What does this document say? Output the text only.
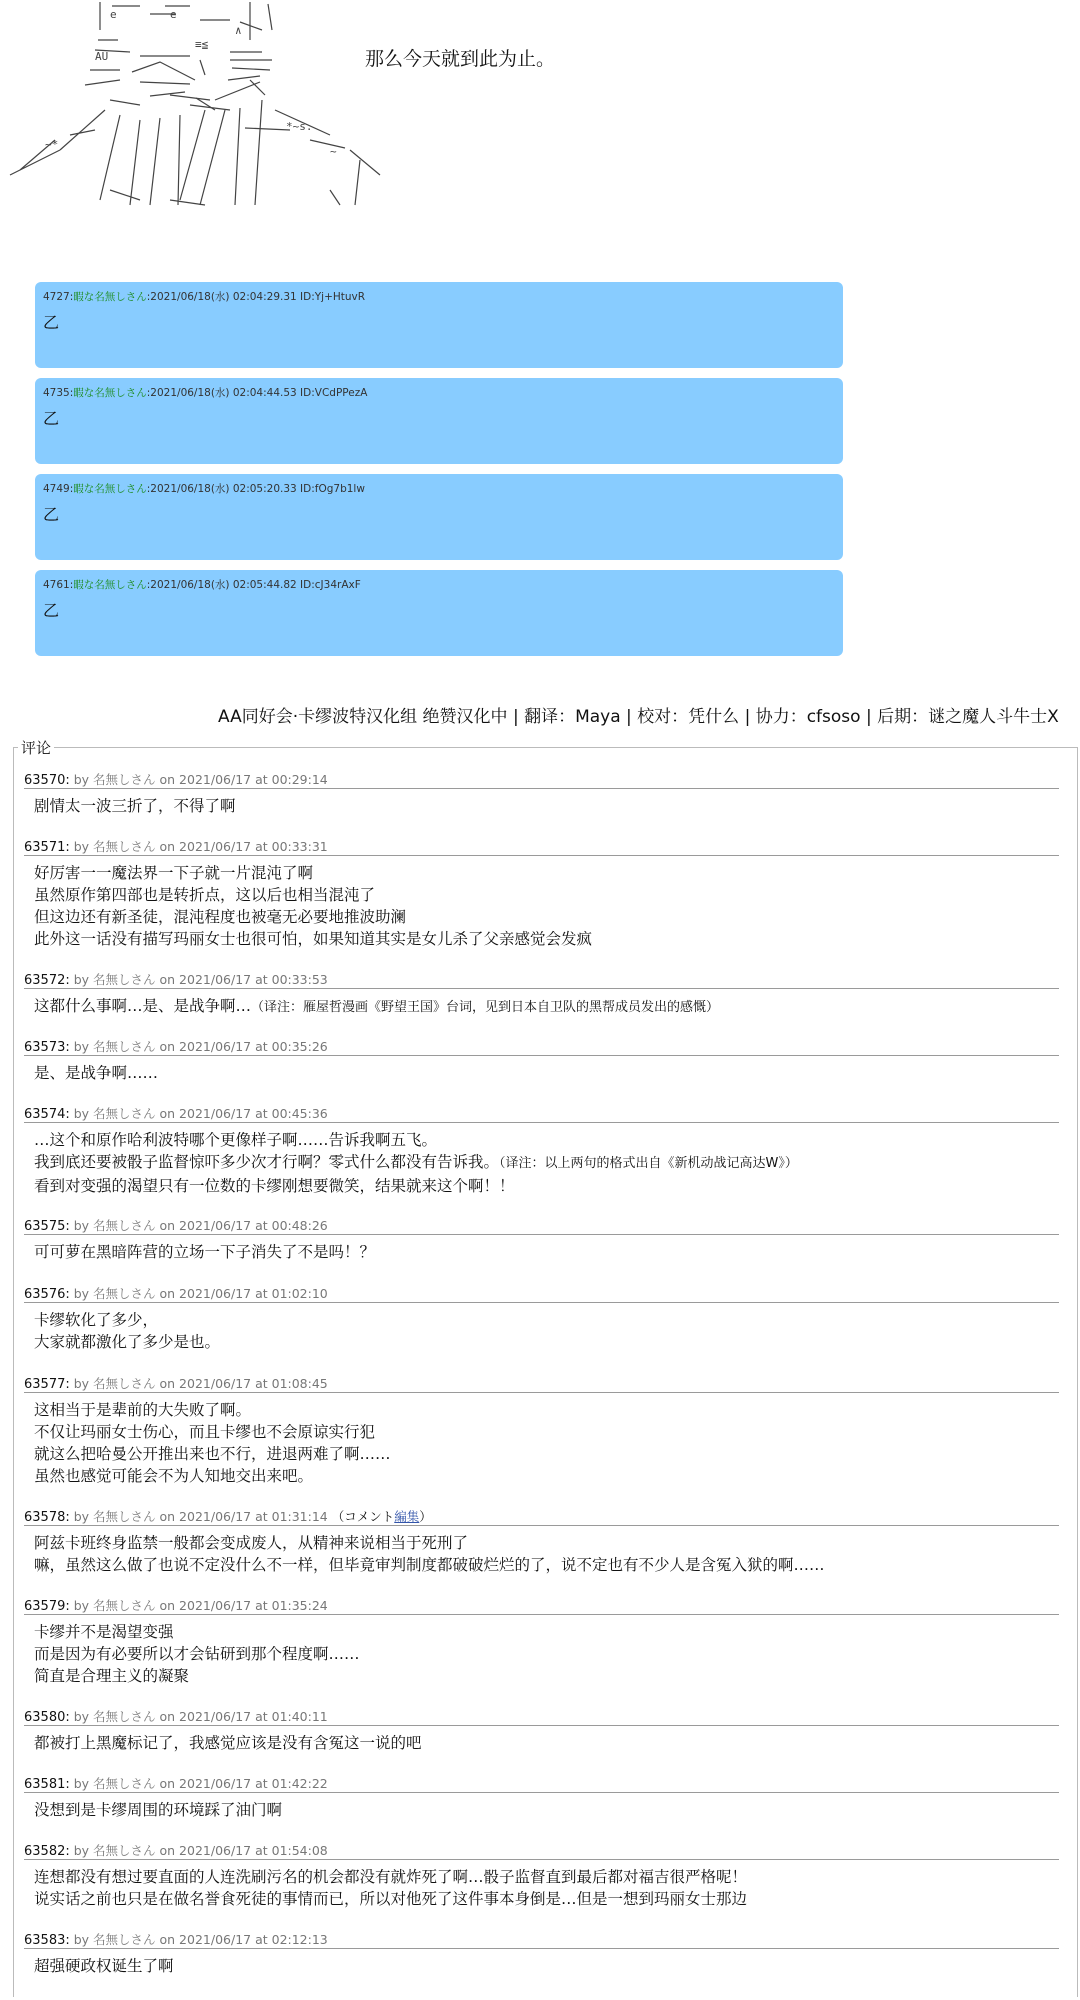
e	e
∧
AU
≡≦
*~s.
~*
~
那么今天就到此为止。
4727:暇な名無しさん:2021/06/18(水) 02:04:29.31 ID:Yj+HtuvR
乙
4735:暇な名無しさん:2021/06/18(水) 02:04:44.53 ID:VCdPPezA
乙
4749:暇な名無しさん:2021/06/18(水) 02:05:20.33 ID:fOg7b1lw
乙
4761:暇な名無しさん:2021/06/18(水) 02:05:44.82 ID:cJ34rAxF
乙
AA同好会·卡缪波特汉化组 绝赞汉化中 | 翻译：Maya | 校对：凭什么 | 协力：cfsoso | 后期：谜之魔人斗牛士X
评论
63570: by 名無しさん on 2021/06/17 at 00:29:14
剧情太一波三折了，不得了啊
63571: by 名無しさん on 2021/06/17 at 00:33:31
好厉害一一魔法界一下子就一片混沌了啊
虽然原作第四部也是转折点，这以后也相当混沌了
但这边还有新圣徒，混沌程度也被毫无必要地推波助澜
此外这一话没有描写玛丽女士也很可怕，如果知道其实是女儿杀了父亲感觉会发疯
63572: by 名無しさん on 2021/06/17 at 00:33:53
这都什么事啊…是、是战争啊…（译注：雁屋哲漫画《野望王国》台词，见到日本自卫队的黑帮成员发出的感慨）
63573: by 名無しさん on 2021/06/17 at 00:35:26
是、是战争啊……
63574: by 名無しさん on 2021/06/17 at 00:45:36
…这个和原作哈利波特哪个更像样子啊……告诉我啊五飞。
我到底还要被骰子监督惊吓多少次才行啊？零式什么都没有告诉我。（译注：以上两句的格式出自《新机动战记高达W》）
看到对变强的渴望只有一位数的卡缪刚想要微笑，结果就来这个啊！！
63575: by 名無しさん on 2021/06/17 at 00:48:26
可可萝在黑暗阵营的立场一下子消失了不是吗！？
63576: by 名無しさん on 2021/06/17 at 01:02:10
卡缪软化了多少，
大家就都激化了多少是也。
63577: by 名無しさん on 2021/06/17 at 01:08:45
这相当于是辈前的大失败了啊。
不仅让玛丽女士伤心，而且卡缪也不会原谅实行犯
就这么把哈曼公开推出来也不行，进退两难了啊……
虽然也感觉可能会不为人知地交出来吧。
63578: by 名無しさん on 2021/06/17 at 01:31:14 （コメント編集）
阿兹卡班终身监禁一般都会变成废人，从精神来说相当于死刑了
嘛，虽然这么做了也说不定没什么不一样，但毕竟审判制度都破破烂烂的了，说不定也有不少人是含冤入狱的啊……
63579: by 名無しさん on 2021/06/17 at 01:35:24
卡缪并不是渴望变强
而是因为有必要所以才会钻研到那个程度啊……
简直是合理主义的凝聚
63580: by 名無しさん on 2021/06/17 at 01:40:11
都被打上黑魔标记了，我感觉应该是没有含冤这一说的吧
63581: by 名無しさん on 2021/06/17 at 01:42:22
没想到是卡缪周围的环境踩了油门啊
63582: by 名無しさん on 2021/06/17 at 01:54:08
连想都没有想过要直面的人连洗刷污名的机会都没有就炸死了啊…骰子监督直到最后都对福吉很严格呢！
说实话之前也只是在做名誉食死徒的事情而已，所以对他死了这件事本身倒是…但是一想到玛丽女士那边
63583: by 名無しさん on 2021/06/17 at 02:12:13
超强硬政权诞生了啊
